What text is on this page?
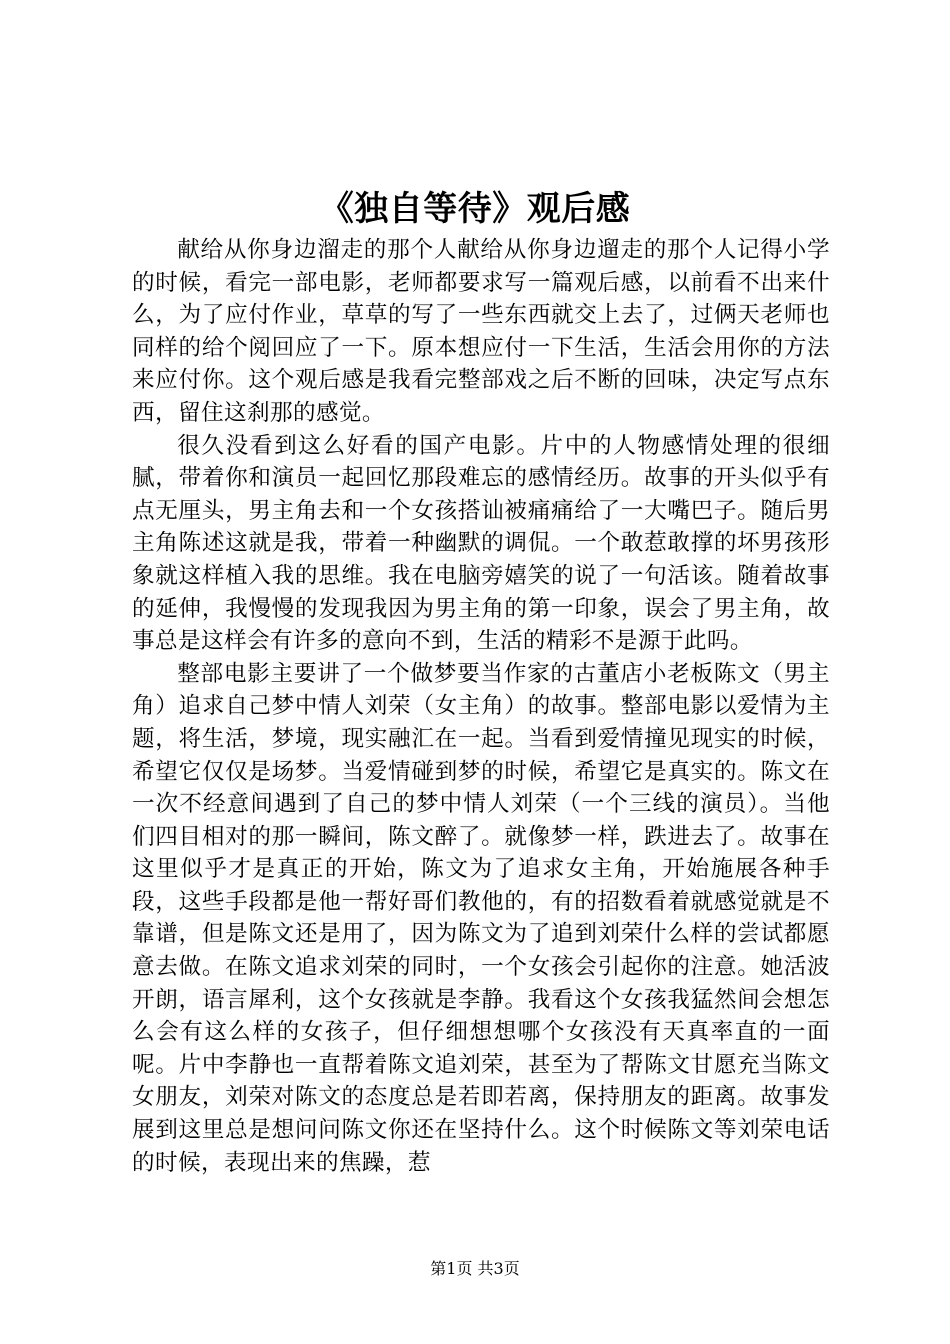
《独自等待》观后感

献给从你身边溜走的那个人献给从你身边遛走的那个人记得小学的时候，看完一部电影，老师都要求写一篇观后感，以前看不出来什么，为了应付作业，草草的写了一些东西就交上去了，过俩天老师也同样的给个阅回应了一下。原本想应付一下生活，生活会用你的方法来应付你。这个观后感是我看完整部戏之后不断的回味，决定写点东西，留住这刹那的感觉。

很久没看到这么好看的国产电影。片中的人物感情处理的很细腻，带着你和演员一起回忆那段难忘的感情经历。故事的开头似乎有点无厘头，男主角去和一个女孩搭讪被痛痛给了一大嘴巴子。随后男主角陈述这就是我，带着一种幽默的调侃。一个敢惹敢撑的坏男孩形象就这样植入我的思维。我在电脑旁嬉笑的说了一句活该。随着故事的延伸，我慢慢的发现我因为男主角的第一印象，误会了男主角，故事总是这样会有许多的意向不到，生活的精彩不是源于此吗。

整部电影主要讲了一个做梦要当作家的古董店小老板陈文（男主角）追求自己梦中情人刘荣（女主角）的故事。整部电影以爱情为主题，将生活，梦境，现实融汇在一起。当看到爱情撞见现实的时候，希望它仅仅是场梦。当爱情碰到梦的时候，希望它是真实的。陈文在一次不经意间遇到了自己的梦中情人刘荣（一个三线的演员）。当他们四目相对的那一瞬间，陈文醉了。就像梦一样，跌进去了。故事在这里似乎才是真正的开始，陈文为了追求女主角，开始施展各种手段，这些手段都是他一帮好哥们教他的，有的招数看着就感觉就是不靠谱，但是陈文还是用了，因为陈文为了追到刘荣什么样的尝试都愿意去做。在陈文追求刘荣的同时，一个女孩会引起你的注意。她活波开朗，语言犀利，这个女孩就是李静。我看这个女孩我猛然间会想怎么会有这么样的女孩子，但仔细想想哪个女孩没有天真率直的一面呢。片中李静也一直帮着陈文追刘荣，甚至为了帮陈文甘愿充当陈文女朋友，刘荣对陈文的态度总是若即若离，保持朋友的距离。故事发展到这里总是想问问陈文你还在坚持什么。这个时候陈文等刘荣电话的时候，表现出来的焦躁，惹

第1页 共3页
